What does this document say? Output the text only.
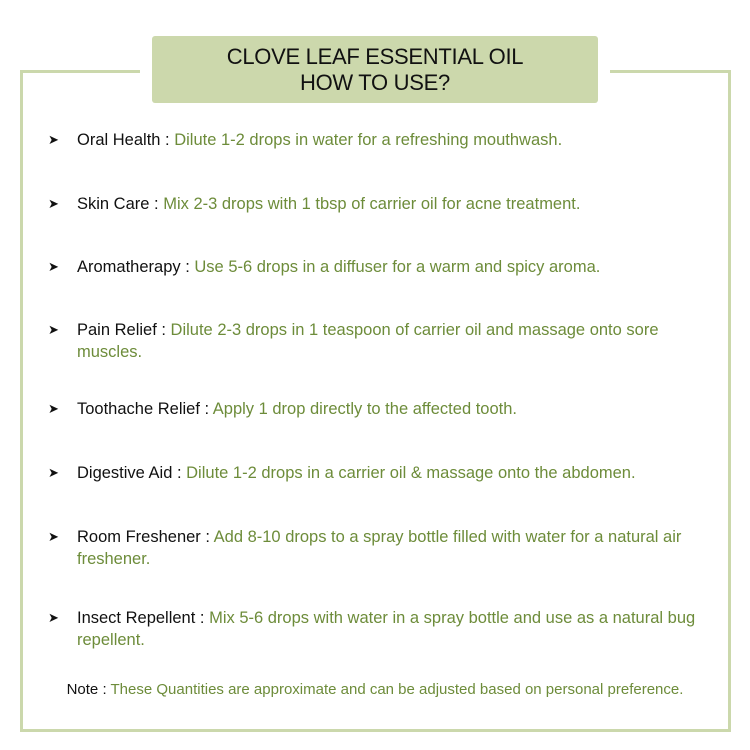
CLOVE LEAF ESSENTIAL OIL
HOW TO USE?
➤ Oral Health : Dilute 1-2 drops in water for a refreshing mouthwash.
➤ Skin Care : Mix 2-3 drops with 1 tbsp of carrier oil for acne treatment.
➤ Aromatherapy : Use 5-6 drops in a diffuser for a warm and spicy aroma.
➤ Pain Relief : Dilute 2-3 drops in 1 teaspoon of carrier oil and massage onto sore muscles.
➤ Toothache Relief : Apply 1 drop directly to the affected tooth.
➤ Digestive Aid : Dilute 1-2 drops in a carrier oil & massage onto the abdomen.
➤ Room Freshener : Add 8-10 drops to a spray bottle filled with water for a natural air freshener.
➤ Insect Repellent : Mix 5-6 drops with water in a spray bottle and use as a natural bug repellent.
Note : These Quantities are approximate and can be adjusted based on personal preference.
